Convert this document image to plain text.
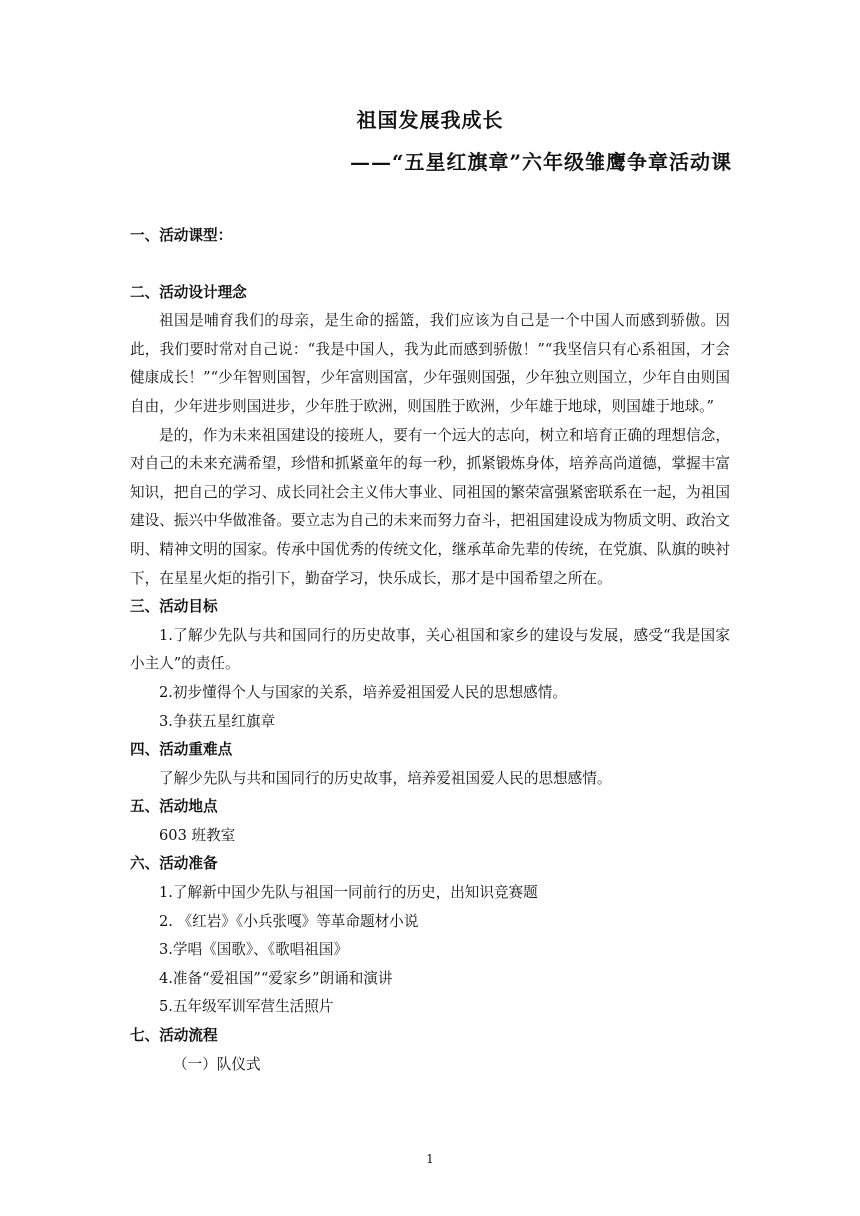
祖国发展我成长
——“五星红旗章”六年级雏鹰争章活动课

一、活动课型：

二、活动设计理念

祖国是哺育我们的母亲，是生命的摇篮，我们应该为自己是一个中国人而感到骄傲。因此，我们要时常对自己说：“我是中国人，我为此而感到骄傲！”“我坚信只有心系祖国，才会健康成长！”“少年智则国智，少年富则国富，少年强则国强，少年独立则国立，少年自由则国自由，少年进步则国进步，少年胜于欧洲，则国胜于欧洲，少年雄于地球，则国雄于地球。”

是的，作为未来祖国建设的接班人，要有一个远大的志向，树立和培育正确的理想信念，对自己的未来充满希望，珍惜和抓紧童年的每一秒，抓紧锻炼身体，培养高尚道德，掌握丰富知识，把自己的学习、成长同社会主义伟大事业、同祖国的繁荣富强紧密联系在一起，为祖国建设、振兴中华做准备。要立志为自己的未来而努力奋斗，把祖国建设成为物质文明、政治文明、精神文明的国家。传承中国优秀的传统文化，继承革命先辈的传统，在党旗、队旗的映衬下，在星星火炬的指引下，勤奋学习，快乐成长，那才是中国希望之所在。

三、活动目标

1.了解少先队与共和国同行的历史故事，关心祖国和家乡的建设与发展，感受“我是国家小主人”的责任。

2.初步懂得个人与国家的关系，培养爱祖国爱人民的思想感情。

3.争获五星红旗章

四、活动重难点

了解少先队与共和国同行的历史故事，培养爱祖国爱人民的思想感情。

五、活动地点

603 班教室

六、活动准备

1.了解新中国少先队与祖国一同前行的历史，出知识竞赛题

2. 《红岩》《小兵张嘎》等革命题材小说

3.学唱《国歌》、《歌唱祖国》

4.准备“爱祖国”“爱家乡”朗诵和演讲

5.五年级军训军营生活照片

七、活动流程

（一）队仪式

1
